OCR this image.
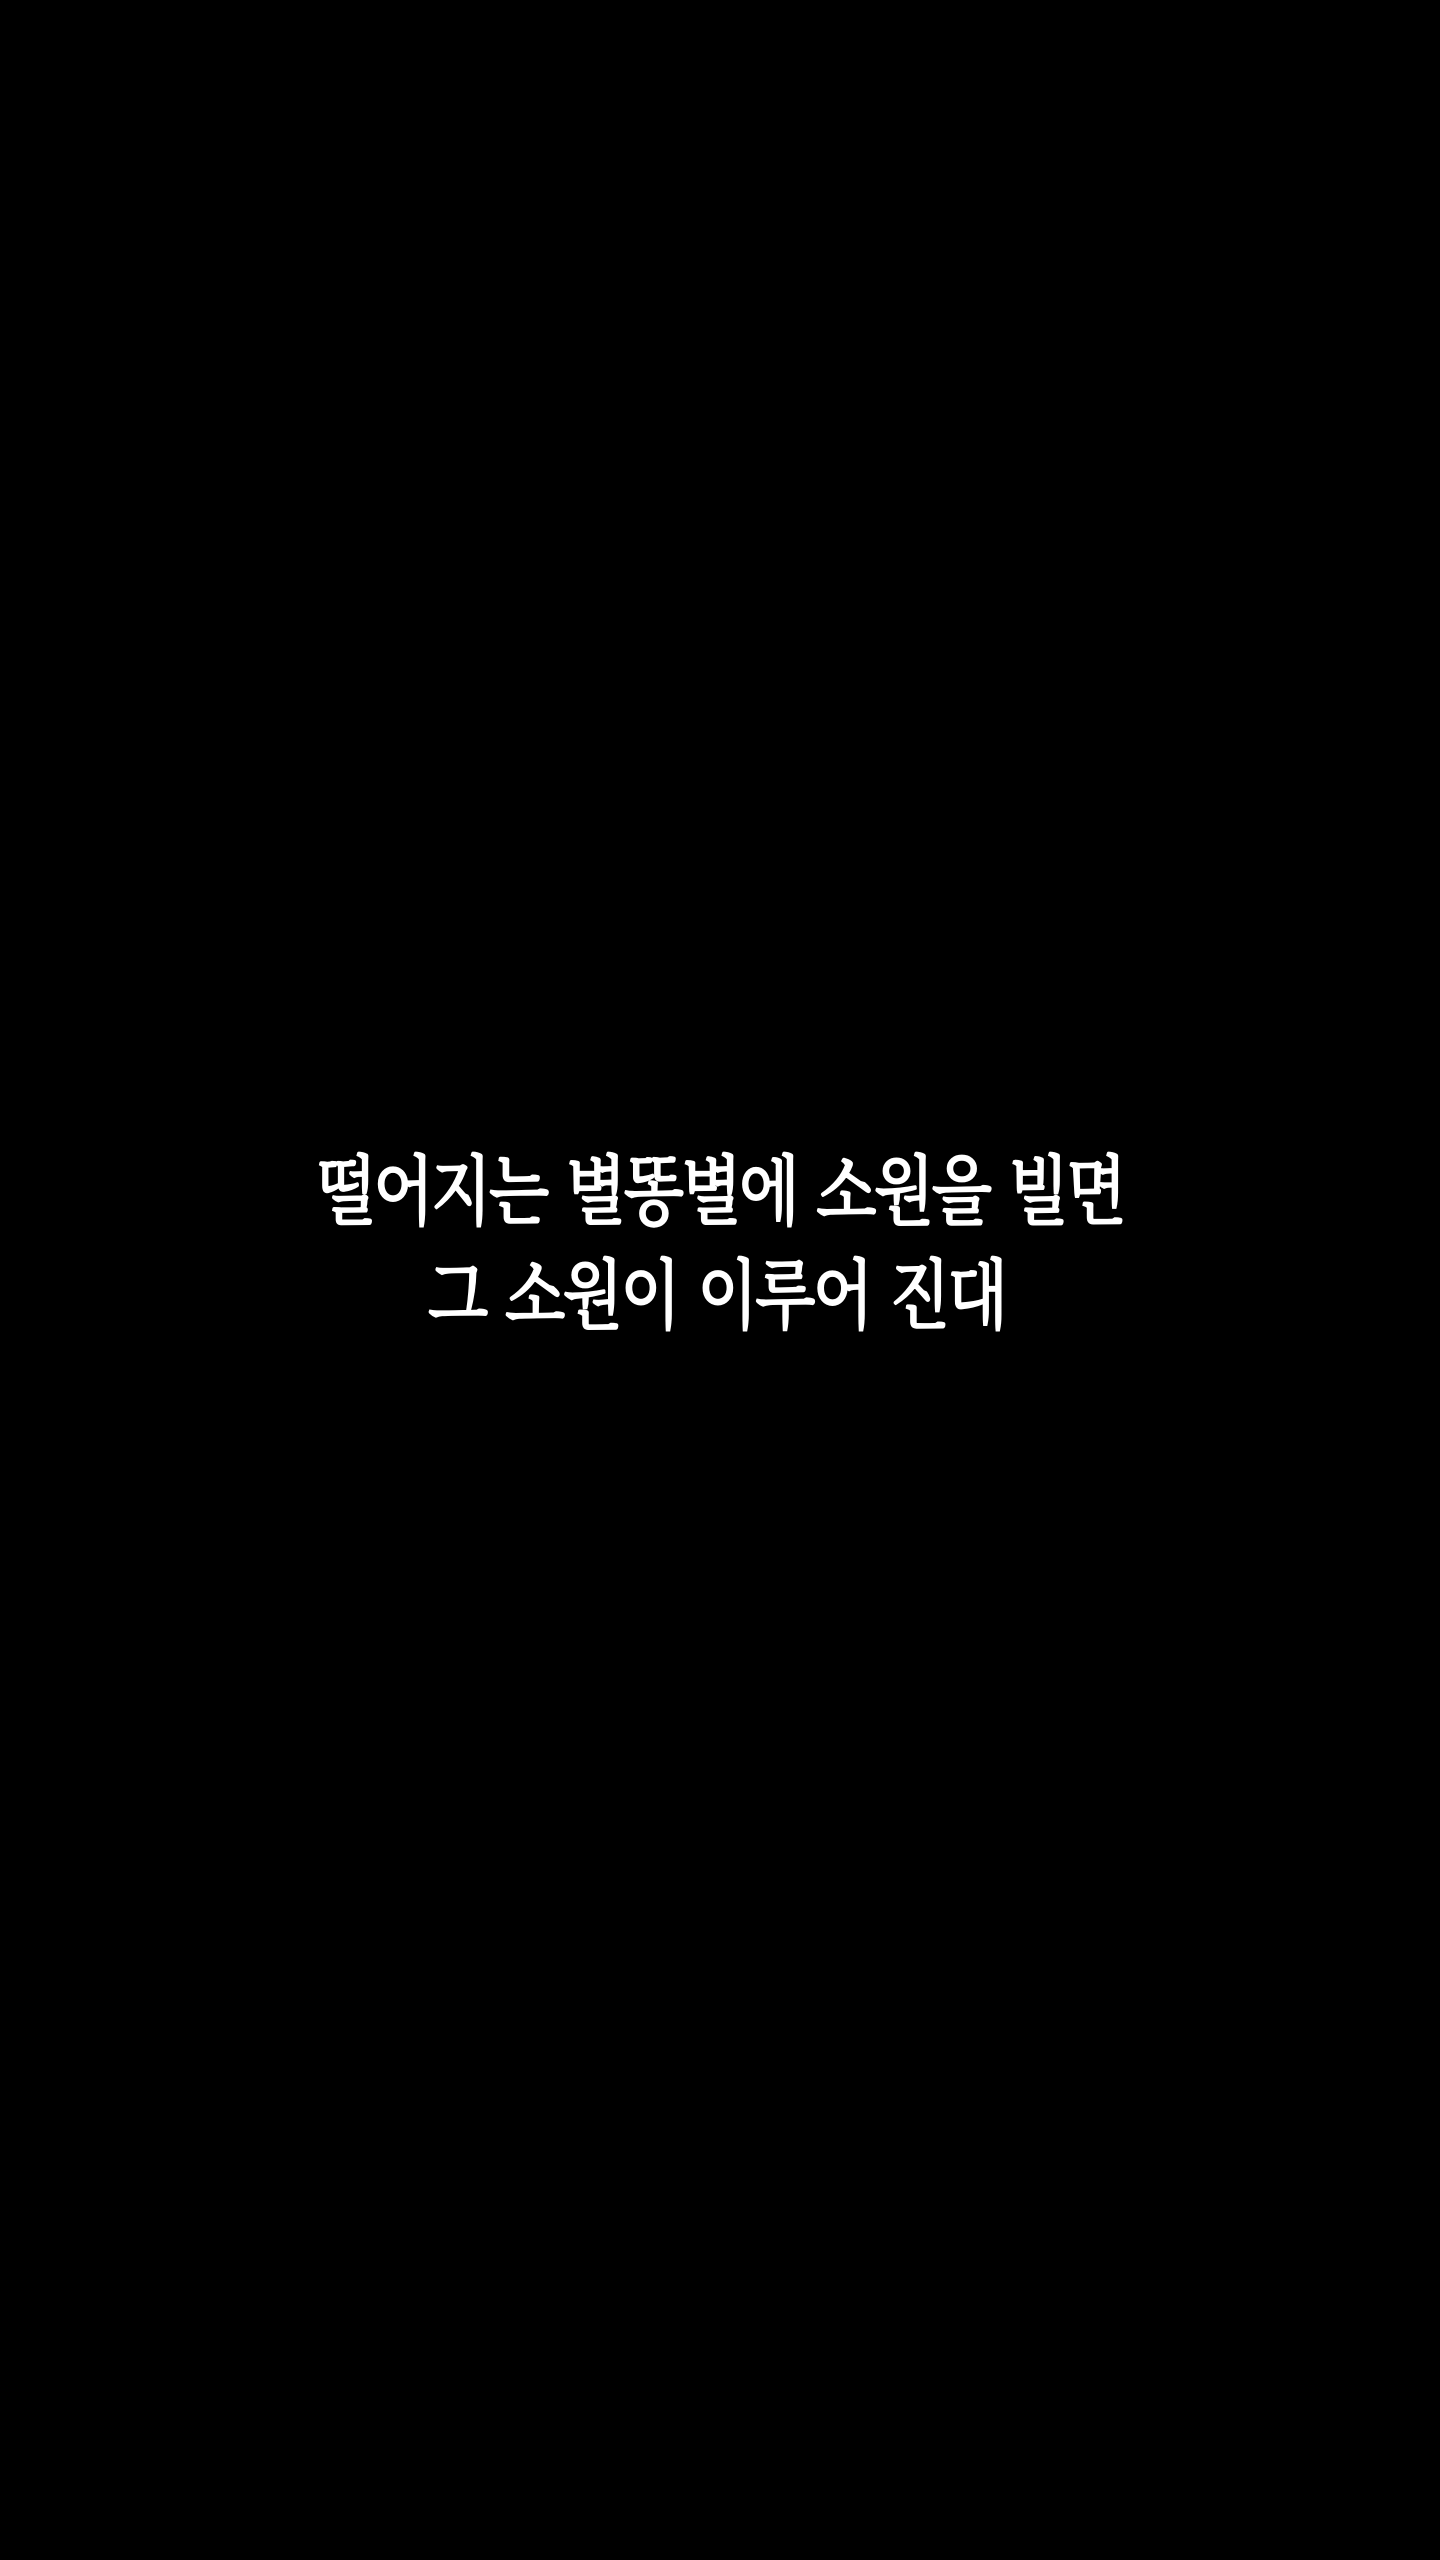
떨어지는 별똥별에 소원을 빌면
그 소원이 이루어 진대
